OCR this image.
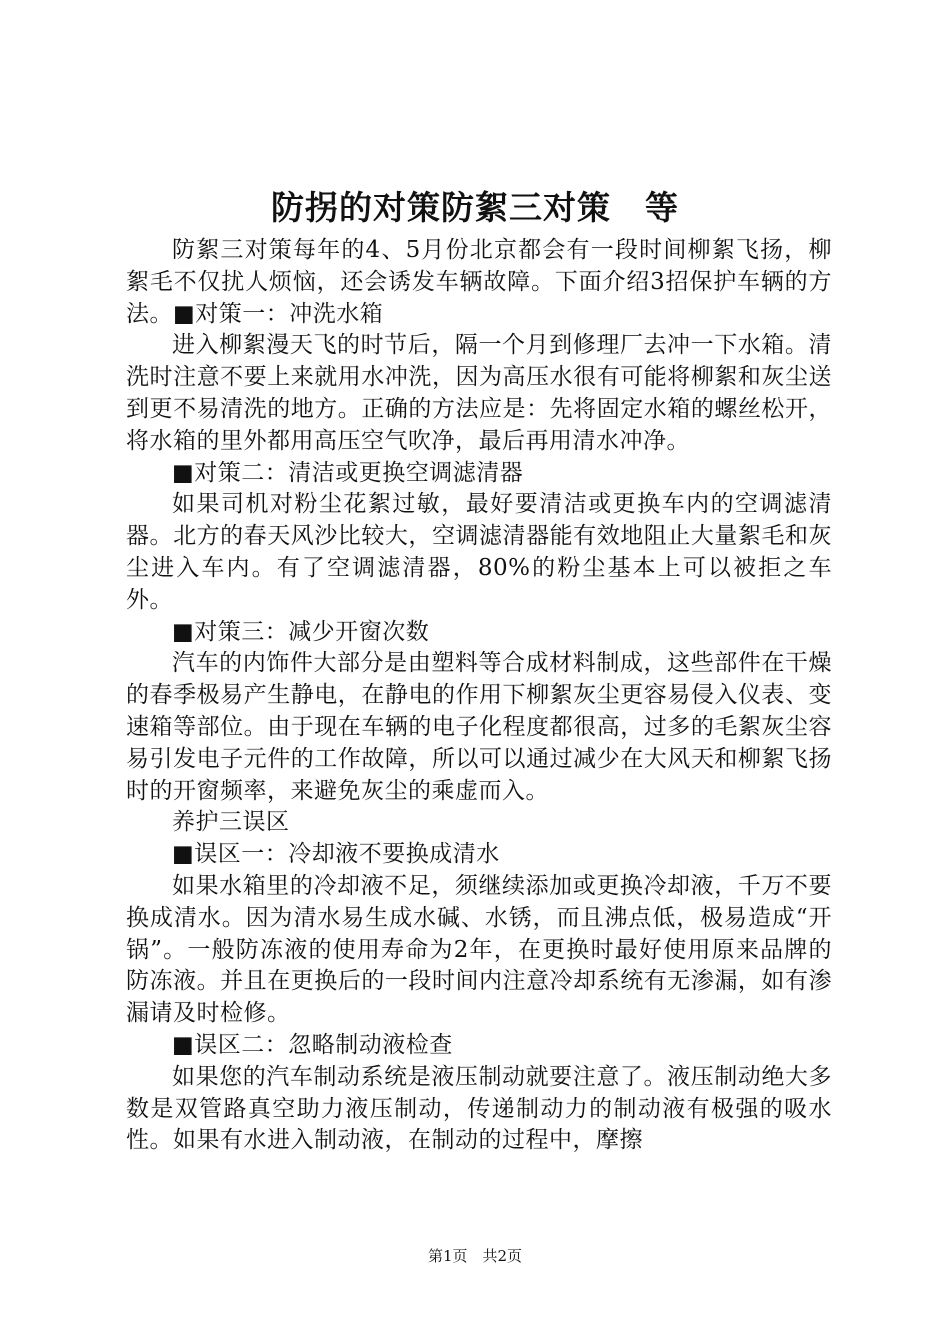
防拐的对策防絮三对策　等

防絮三对策每年的4、5月份北京都会有一段时间柳絮飞扬，柳絮毛不仅扰人烦恼，还会诱发车辆故障。下面介绍3招保护车辆的方法。■对策一：冲洗水箱

进入柳絮漫天飞的时节后，隔一个月到修理厂去冲一下水箱。清洗时注意不要上来就用水冲洗，因为高压水很有可能将柳絮和灰尘送到更不易清洗的地方。正确的方法应是：先将固定水箱的螺丝松开，将水箱的里外都用高压空气吹净，最后再用清水冲净。

■对策二：清洁或更换空调滤清器

如果司机对粉尘花絮过敏，最好要清洁或更换车内的空调滤清器。北方的春天风沙比较大，空调滤清器能有效地阻止大量絮毛和灰尘进入车内。有了空调滤清器，80%的粉尘基本上可以被拒之车外。

■对策三：减少开窗次数

汽车的内饰件大部分是由塑料等合成材料制成，这些部件在干燥的春季极易产生静电，在静电的作用下柳絮灰尘更容易侵入仪表、变速箱等部位。由于现在车辆的电子化程度都很高，过多的毛絮灰尘容易引发电子元件的工作故障，所以可以通过减少在大风天和柳絮飞扬时的开窗频率，来避免灰尘的乘虚而入。

养护三误区

■误区一：冷却液不要换成清水

如果水箱里的冷却液不足，须继续添加或更换冷却液，千万不要换成清水。因为清水易生成水碱、水锈，而且沸点低，极易造成“开锅”。一般防冻液的使用寿命为2年，在更换时最好使用原来品牌的防冻液。并且在更换后的一段时间内注意冷却系统有无渗漏，如有渗漏请及时检修。

■误区二：忽略制动液检查

如果您的汽车制动系统是液压制动就要注意了。液压制动绝大多数是双管路真空助力液压制动，传递制动力的制动液有极强的吸水性。如果有水进入制动液，在制动的过程中，摩擦

第1页　共2页
